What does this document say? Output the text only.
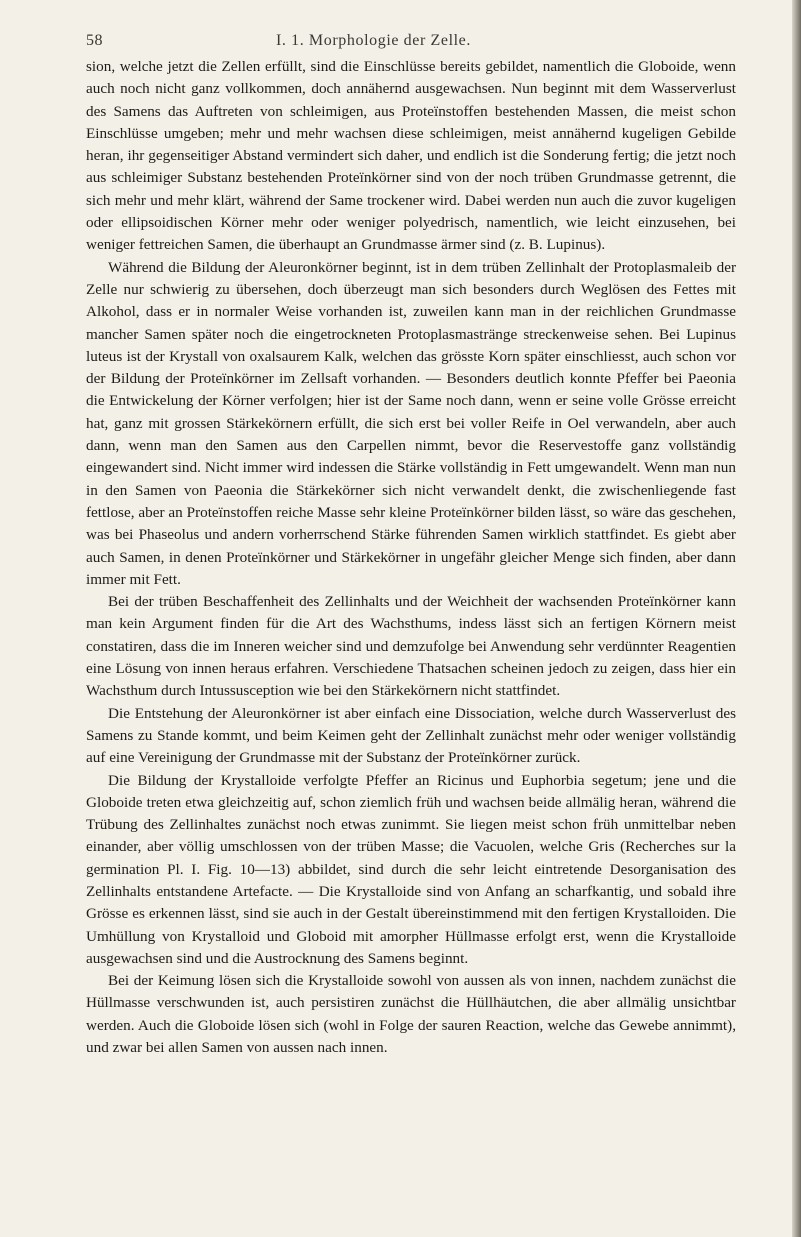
58	I. 1. Morphologie der Zelle.

sion, welche jetzt die Zellen erfüllt, sind die Einschlüsse bereits gebildet, namentlich die Globoide, wenn auch noch nicht ganz vollkommen, doch annähernd ausgewachsen. Nun beginnt mit dem Wasserverlust des Samens das Auftreten von schleimigen, aus Proteïnstoffen bestehenden Massen, die meist schon Einschlüsse umgeben; mehr und mehr wachsen diese schleimigen, meist annähernd kugeligen Gebilde heran, ihr gegenseitiger Abstand vermindert sich daher, und endlich ist die Sonderung fertig; die jetzt noch aus schleimiger Substanz bestehenden Proteïnkörner sind von der noch trüben Grundmasse getrennt, die sich mehr und mehr klärt, während der Same trockener wird. Dabei werden nun auch die zuvor kugeligen oder ellipsoidischen Körner mehr oder weniger polyedrisch, namentlich, wie leicht einzusehen, bei weniger fettreichen Samen, die überhaupt an Grundmasse ärmer sind (z. B. Lupinus).

Während die Bildung der Aleuronkörner beginnt, ist in dem trüben Zellinhalt der Protoplasmaleib der Zelle nur schwierig zu übersehen, doch überzeugt man sich besonders durch Weglösen des Fettes mit Alkohol, dass er in normaler Weise vorhanden ist, zuweilen kann man in der reichlichen Grundmasse mancher Samen später noch die eingetrockneten Protoplasmastränge streckenweise sehen. Bei Lupinus luteus ist der Krystall von oxalsaurem Kalk, welchen das grösste Korn später einschliesst, auch schon vor der Bildung der Proteïnkörner im Zellsaft vorhanden. — Besonders deutlich konnte Pfeffer bei Paeonia die Entwickelung der Körner verfolgen; hier ist der Same noch dann, wenn er seine volle Grösse erreicht hat, ganz mit grossen Stärkekörnern erfüllt, die sich erst bei voller Reife in Oel verwandeln, aber auch dann, wenn man den Samen aus den Carpellen nimmt, bevor die Reservestoffe ganz vollständig eingewandert sind. Nicht immer wird indessen die Stärke vollständig in Fett umgewandelt. Wenn man nun in den Samen von Paeonia die Stärkekörner sich nicht verwandelt denkt, die zwischenliegende fast fettlose, aber an Proteïnstoffen reiche Masse sehr kleine Proteïnkörner bilden lässt, so wäre das geschehen, was bei Phaseolus und andern vorherrschend Stärke führenden Samen wirklich stattfindet. Es giebt aber auch Samen, in denen Proteïnkörner und Stärkekörner in ungefähr gleicher Menge sich finden, aber dann immer mit Fett.

Bei der trüben Beschaffenheit des Zellinhalts und der Weichheit der wachsenden Proteïnkörner kann man kein Argument finden für die Art des Wachsthums, indess lässt sich an fertigen Körnern meist constatiren, dass die im Inneren weicher sind und demzufolge bei Anwendung sehr verdünnter Reagentien eine Lösung von innen heraus erfahren. Verschiedene Thatsachen scheinen jedoch zu zeigen, dass hier ein Wachsthum durch Intussusception wie bei den Stärkekörnern nicht stattfindet.

Die Entstehung der Aleuronkörner ist aber einfach eine Dissociation, welche durch Wasserverlust des Samens zu Stande kommt, und beim Keimen geht der Zellinhalt zunächst mehr oder weniger vollständig auf eine Vereinigung der Grundmasse mit der Substanz der Proteïnkörner zurück.

Die Bildung der Krystalloide verfolgte Pfeffer an Ricinus und Euphorbia segetum; jene und die Globoide treten etwa gleichzeitig auf, schon ziemlich früh und wachsen beide allmälig heran, während die Trübung des Zellinhaltes zunächst noch etwas zunimmt. Sie liegen meist schon früh unmittelbar neben einander, aber völlig umschlossen von der trüben Masse; die Vacuolen, welche Gris (Recherches sur la germination Pl. I. Fig. 10—13) abbildet, sind durch die sehr leicht eintretende Desorganisation des Zellinhalts entstandene Artefacte. — Die Krystalloide sind von Anfang an scharfkantig, und sobald ihre Grösse es erkennen lässt, sind sie auch in der Gestalt übereinstimmend mit den fertigen Krystalloiden. Die Umhüllung von Krystalloid und Globoid mit amorpher Hüllmasse erfolgt erst, wenn die Krystalloide ausgewachsen sind und die Austrocknung des Samens beginnt.

Bei der Keimung lösen sich die Krystalloide sowohl von aussen als von innen, nachdem zunächst die Hüllmasse verschwunden ist, auch persistiren zunächst die Hüllhäutchen, die aber allmälig unsichtbar werden. Auch die Globoide lösen sich (wohl in Folge der sauren Reaction, welche das Gewebe annimmt), und zwar bei allen Samen von aussen nach innen.
